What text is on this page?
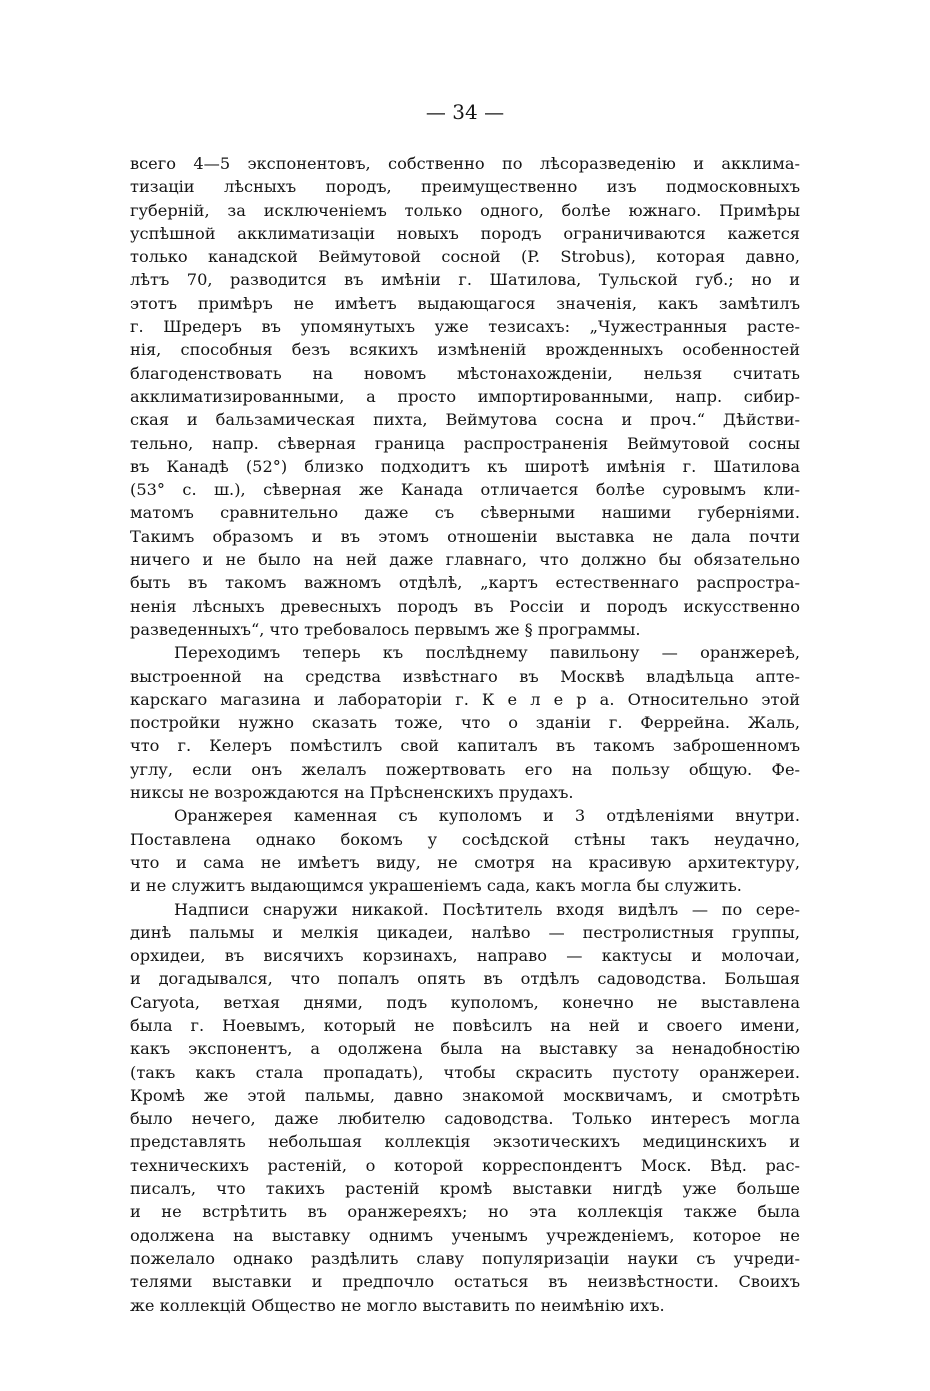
— 34 —
всего 4—5 экспонентовъ, собственно по лѣсоразведенію и акклима-
тизаціи лѣсныхъ породъ, преимущественно изъ подмосковныхъ
губерній, за исключеніемъ только одного, болѣе южнаго. Примѣры
успѣшной акклиматизаціи новыхъ породъ ограничиваются кажется
только канадской Веймутовой сосной (P. Strobus), которая давно,
лѣтъ 70, разводится въ имѣніи г. Шатилова, Тульской губ.; но и
этотъ примѣръ не имѣетъ выдающагося значенія, какъ замѣтилъ
г. Шредеръ въ упомянутыхъ уже тезисахъ: „Чужестранныя расте-
нія, способныя безъ всякихъ измѣненій врожденныхъ особенностей
благоденствовать на новомъ мѣстонахожденіи, нельзя считать
акклиматизированными, а просто импортированными, напр. сибир-
ская и бальзамическая пихта, Веймутова сосна и проч.“ Дѣйстви-
тельно, напр. сѣверная граница распространенія Веймутовой сосны
въ Канадѣ (52°) близко подходитъ къ широтѣ имѣнія г. Шатилова
(53° с. ш.), сѣверная же Канада отличается болѣе суровымъ кли-
матомъ сравнительно даже съ сѣверными нашими губерніями.
Такимъ образомъ и въ этомъ отношеніи выставка не дала почти
ничего и не было на ней даже главнаго, что должно бы обязательно
быть въ такомъ важномъ отдѣлѣ, „картъ естественнаго распростра-
ненія лѣсныхъ древесныхъ породъ въ Россіи и породъ искусственно
разведенныхъ“, что требовалось первымъ же § программы.
Переходимъ теперь къ послѣднему павильону — оранжереѣ,
выстроенной на средства извѣстнаго въ Москвѣ владѣльца апте-
карскаго магазина и лабораторіи г. К е л е р а. Относительно этой
постройки нужно сказать тоже, что о зданіи г. Феррейна. Жаль,
что г. Келеръ помѣстилъ свой капиталъ въ такомъ заброшенномъ
углу, если онъ желалъ пожертвовать его на пользу общую. Фе-
никсы не возрождаются на Прѣсненскихъ прудахъ.
Оранжерея каменная съ куполомъ и 3 отдѣленіями внутри.
Поставлена однако бокомъ у сосѣдской стѣны такъ неудачно,
что и сама не имѣетъ виду, не смотря на красивую архитектуру,
и не служитъ выдающимся украшеніемъ сада, какъ могла бы служить.
Надписи снаружи никакой. Посѣтитель входя видѣлъ — по сере-
динѣ пальмы и мелкія цикадеи, налѣво — пестролистныя группы,
орхидеи, въ висячихъ корзинахъ, направо — кактусы и молочаи,
и догадывался, что попалъ опять въ отдѣлъ садоводства. Большая
Caryota, ветхая днями, подъ куполомъ, конечно не выставлена
была г. Ноевымъ, который не повѣсилъ на ней и своего имени,
какъ экспонентъ, а одолжена была на выставку за ненадобностію
(такъ какъ стала пропадать), чтобы скрасить пустоту оранжереи.
Кромѣ же этой пальмы, давно знакомой москвичамъ, и смотрѣть
было нечего, даже любителю садоводства. Только интересъ могла
представлять небольшая коллекція экзотическихъ медицинскихъ и
техническихъ растеній, о которой корреспондентъ Моск. Вѣд. рас-
писалъ, что такихъ растеній кромѣ выставки нигдѣ уже больше
и не встрѣтить въ оранжереяхъ; но эта коллекція также была
одолжена на выставку однимъ ученымъ учрежденіемъ, которое не
пожелало однако раздѣлить славу популяризаціи науки съ учреди-
телями выставки и предпочло остаться въ неизвѣстности. Своихъ
же коллекцій Общество не могло выставить по неимѣнію ихъ.
